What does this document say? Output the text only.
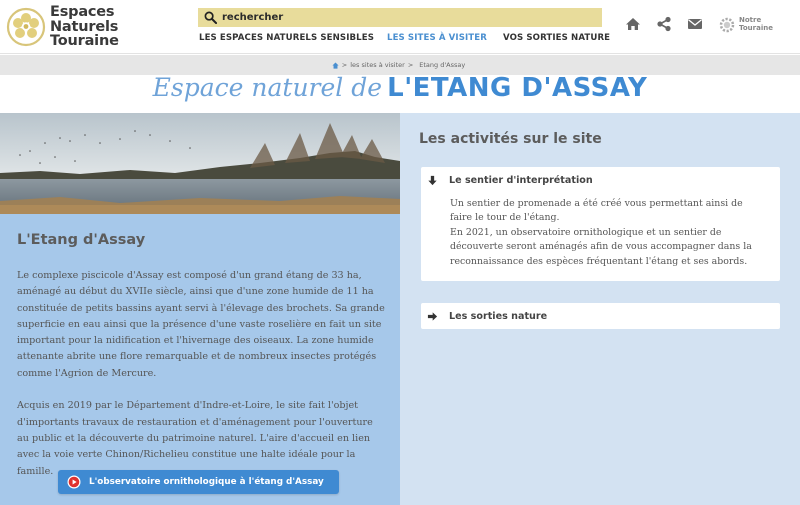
Espaces
Naturels
Touraine
rechercher
LES ESPACES NATURELS SENSIBLES LES SITES À VISITER VOS SORTIES NATURE
Notre
Touraine
> les sites à visiter > Etang d'Assay
Espace naturel de L'ETANG D'ASSAY
L'Etang d'Assay

Le complexe piscicole d'Assay est composé d'un grand étang de 33 ha, aménagé au début du XVIIe siècle, ainsi que d'une zone humide de 11 ha constituée de petits bassins ayant servi à l'élevage des brochets. Sa grande superficie en eau ainsi que la présence d'une vaste roselière en fait un site important pour la nidification et l'hivernage des oiseaux. La zone humide attenante abrite une flore remarquable et de nombreux insectes protégés comme l'Agrion de Mercure.

Acquis en 2019 par le Département d'Indre-et-Loire, le site fait l'objet d'importants travaux de restauration et d'aménagement pour l'ouverture au public et la découverte du patrimoine naturel. L'aire d'accueil en lien avec la voie verte Chinon/Richelieu constitue une halte idéale pour la famille.

L'observatoire ornithologique à l'étang d'Assay
Les activités sur le site
Le sentier d'interprétation
Un sentier de promenade a été créé vous permettant ainsi de faire le tour de l'étang.
En 2021, un observatoire ornithologique et un sentier de découverte seront aménagés afin de vous accompagner dans la reconnaissance des espèces fréquentant l'étang et ses abords.
Les sorties nature
